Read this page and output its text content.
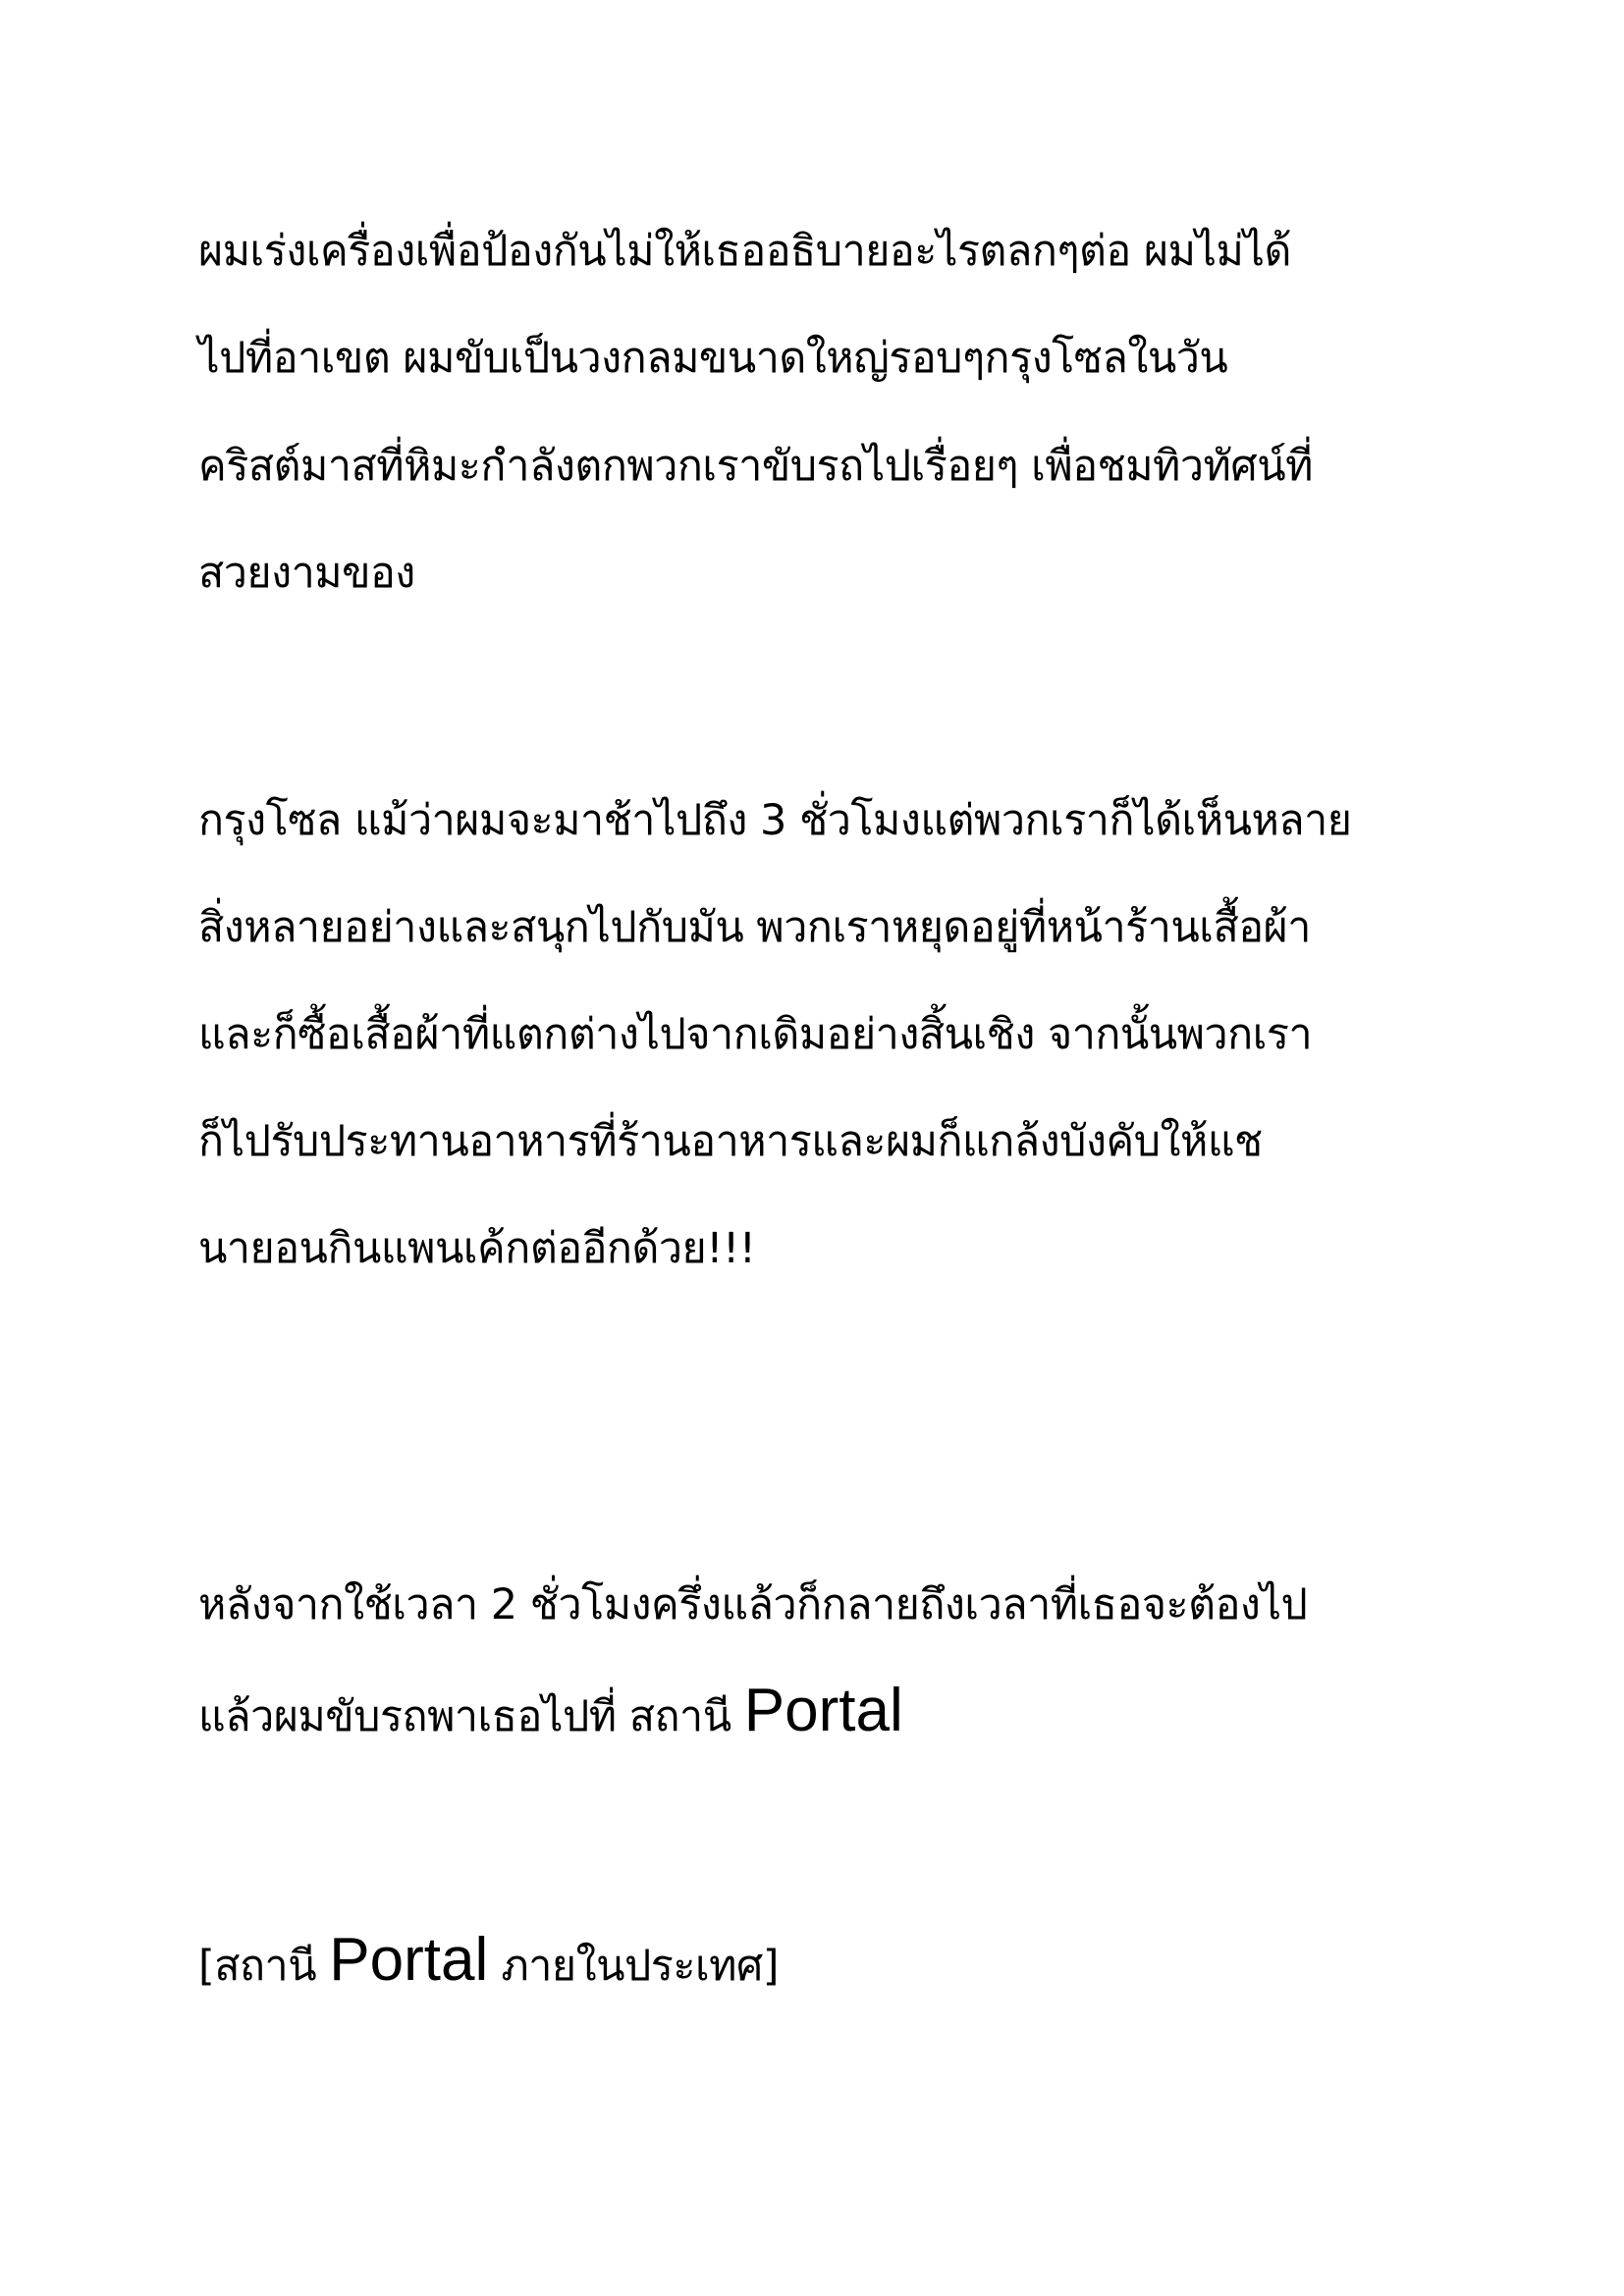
ผมเร่งเครื่องเพื่อป้องกันไม่ให้เธออธิบายอะไรตลกๆต่อ ผมไม่ได้
ไปที่อาเขต ผมขับเป็นวงกลมขนาดใหญ่รอบๆกรุงโซลในวัน
คริสต์มาสที่หิมะกำลังตกพวกเราขับรถไปเรื่อยๆ เพื่อชมทิวทัศน์ที่
สวยงามของ
กรุงโซล แม้ว่าผมจะมาช้าไปถึง 3 ชั่วโมงแต่พวกเราก็ได้เห็นหลาย
สิ่งหลายอย่างและสนุกไปกับมัน พวกเราหยุดอยู่ที่หน้าร้านเสื้อผ้า
และก็ซื้อเสื้อผ้าที่แตกต่างไปจากเดิมอย่างสิ้นเชิง จากนั้นพวกเรา
ก็ไปรับประทานอาหารที่ร้านอาหารและผมก็แกล้งบังคับให้แช
นายอนกินแพนเค้กต่ออีกด้วย!!!
หลังจากใช้เวลา 2 ชั่วโมงครึ่งแล้วก็กลายถึงเวลาที่เธอจะต้องไป
แล้วผมขับรถพาเธอไปที่ สถานี Portal
[สถานี Portal ภายในประเทศ]
